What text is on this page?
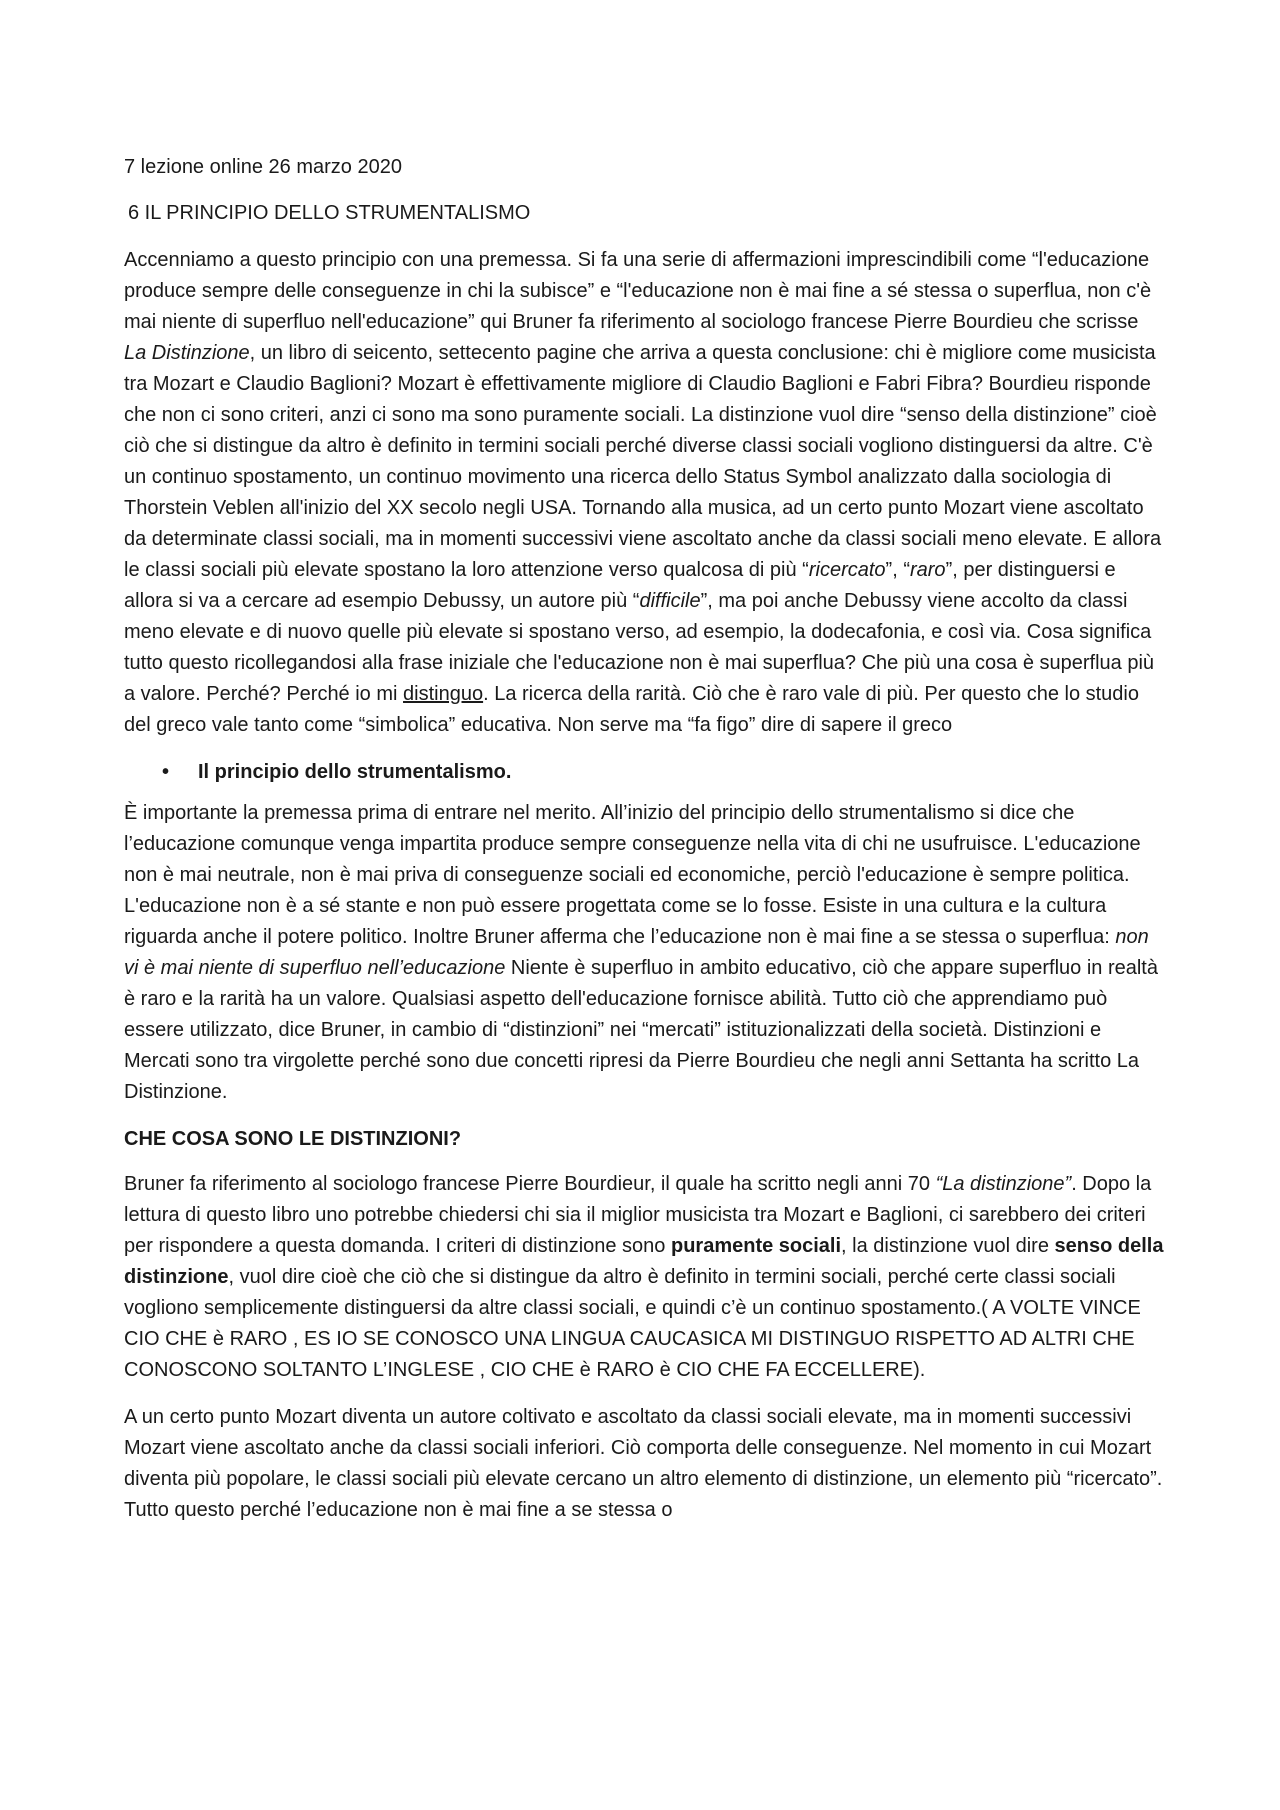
7 lezione online 26 marzo 2020

6 IL PRINCIPIO DELLO STRUMENTALISMO

Accenniamo a questo principio con una premessa. Si fa una serie di affermazioni imprescindibili come “l'educazione produce sempre delle conseguenze in chi la subisce” e “l'educazione non è mai fine a sé stessa o superflua, non c'è mai niente di superfluo nell'educazione” qui Bruner fa riferimento al sociologo francese Pierre Bourdieu che scrisse La Distinzione, un libro di seicento, settecento pagine che arriva a questa conclusione: chi è migliore come musicista tra Mozart e Claudio Baglioni? Mozart è effettivamente migliore di Claudio Baglioni e Fabri Fibra? Bourdieu risponde che non ci sono criteri, anzi ci sono ma sono puramente sociali. La distinzione vuol dire “senso della distinzione” cioè ciò che si distingue da altro è definito in termini sociali perché diverse classi sociali vogliono distinguersi da altre. C'è un continuo spostamento, un continuo movimento una ricerca dello Status Symbol analizzato dalla sociologia di Thorstein Veblen all'inizio del XX secolo negli USA. Tornando alla musica, ad un certo punto Mozart viene ascoltato da determinate classi sociali, ma in momenti successivi viene ascoltato anche da classi sociali meno elevate. E allora le classi sociali più elevate spostano la loro attenzione verso qualcosa di più “ricercato”, “raro”, per distinguersi e allora si va a cercare ad esempio Debussy, un autore più “difficile”, ma poi anche Debussy viene accolto da classi meno elevate e di nuovo quelle più elevate si spostano verso, ad esempio, la dodecafonia, e così via. Cosa significa tutto questo ricollegandosi alla frase iniziale che l'educazione non è mai superflua? Che più una cosa è superflua più a valore. Perché? Perché io mi distinguo. La ricerca della rarità. Ciò che è raro vale di più. Per questo che lo studio del greco vale tanto come “simbolica” educativa. Non serve ma “fa figo” dire di sapere il greco

•	Il principio dello strumentalismo.

È importante la premessa prima di entrare nel merito. All’inizio del principio dello strumentalismo si dice che l’educazione comunque venga impartita produce sempre conseguenze nella vita di chi ne usufruisce. L'educazione non è mai neutrale, non è mai priva di conseguenze sociali ed economiche, perciò l'educazione è sempre politica. L'educazione non è a sé stante e non può essere progettata come se lo fosse. Esiste in una cultura e la cultura riguarda anche il potere politico. Inoltre Bruner afferma che l’educazione non è mai fine a se stessa o superflua: non vi è mai niente di superfluo nell’educazione Niente è superfluo in ambito educativo, ciò che appare superfluo in realtà è raro e la rarità ha un valore. Qualsiasi aspetto dell'educazione fornisce abilità. Tutto ciò che apprendiamo può essere utilizzato, dice Bruner, in cambio di “distinzioni” nei “mercati” istituzionalizzati della società. Distinzioni e Mercati sono tra virgolette perché sono due concetti ripresi da Pierre Bourdieu che negli anni Settanta ha scritto La Distinzione.

CHE COSA SONO LE DISTINZIONI?

Bruner fa riferimento al sociologo francese Pierre Bourdieur, il quale ha scritto negli anni 70 “La distinzione”. Dopo la lettura di questo libro uno potrebbe chiedersi chi sia il miglior musicista tra Mozart e Baglioni, ci sarebbero dei criteri per rispondere a questa domanda. I criteri di distinzione sono puramente sociali, la distinzione vuol dire senso della distinzione, vuol dire cioè che ciò che si distingue da altro è definito in termini sociali, perché certe classi sociali vogliono semplicemente distinguersi da altre classi sociali, e quindi c’è un continuo spostamento.( A VOLTE VINCE CIO CHE è RARO , ES IO SE CONOSCO UNA LINGUA CAUCASICA MI DISTINGUO RISPETTO AD ALTRI CHE CONOSCONO SOLTANTO L’INGLESE , CIO CHE è RARO è CIO CHE FA ECCELLERE).

A un certo punto Mozart diventa un autore coltivato e ascoltato da classi sociali elevate, ma in momenti successivi Mozart viene ascoltato anche da classi sociali inferiori. Ciò comporta delle conseguenze. Nel momento in cui Mozart diventa più popolare, le classi sociali più elevate cercano un altro elemento di distinzione, un elemento più “ricercato”. Tutto questo perché l’educazione non è mai fine a se stessa o
